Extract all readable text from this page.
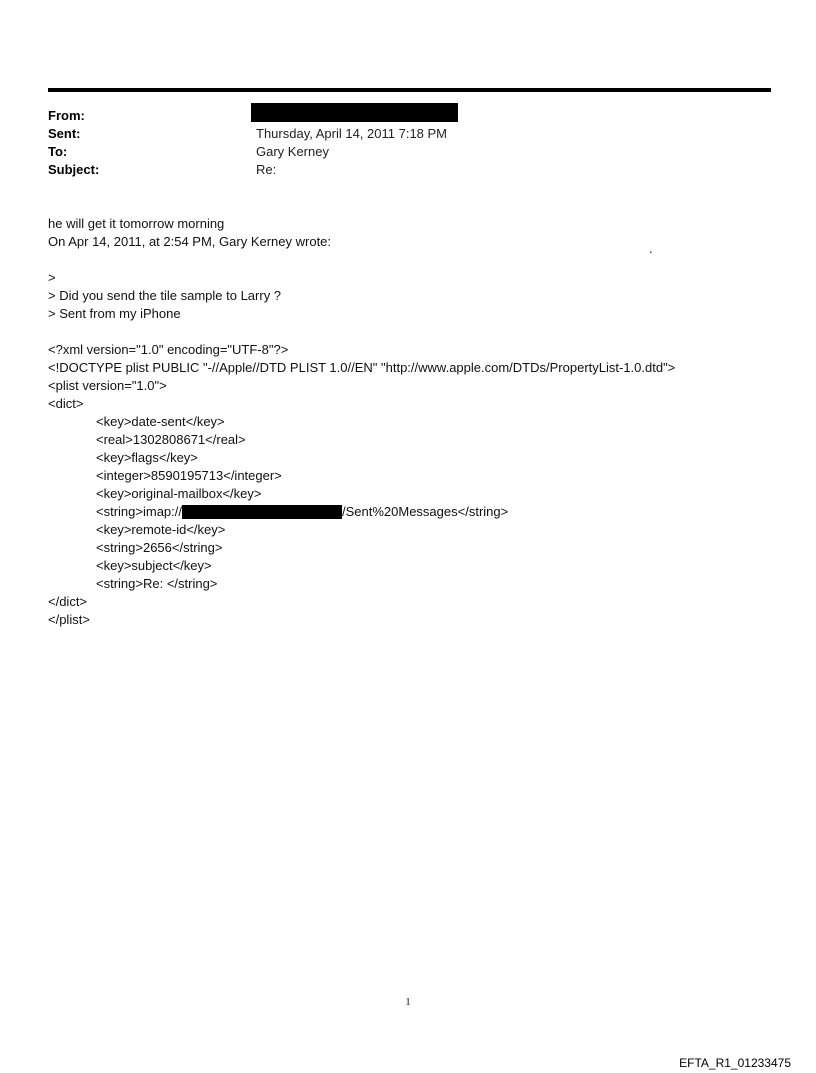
From:
Sent:	Thursday, April 14, 2011 7:18 PM
To:	Gary Kerney
Subject:	Re:
.
he will get it tomorrow morning
On Apr 14, 2011, at 2:54 PM, Gary Kerney wrote:
>
> Did you send the tile sample to Larry ?
> Sent from my iPhone
<?xml version="1.0" encoding="UTF-8"?>
<!DOCTYPE plist PUBLIC "-//Apple//DTD PLIST 1.0//EN" "http://www.apple.com/DTDs/PropertyList-1.0.dtd">
<plist version="1.0">
<dict>
<key>date-sent</key>
<real>1302808671</real>
<key>flags</key>
<integer>8590195713</integer>
<key>original-mailbox</key>
<string>imap://	/Sent%20Messages</string>
<key>remote-id</key>
<string>2656</string>
<key>subject</key>
<string>Re: </string>
</dict>
</plist>
1
EFTA_R1_01233475
